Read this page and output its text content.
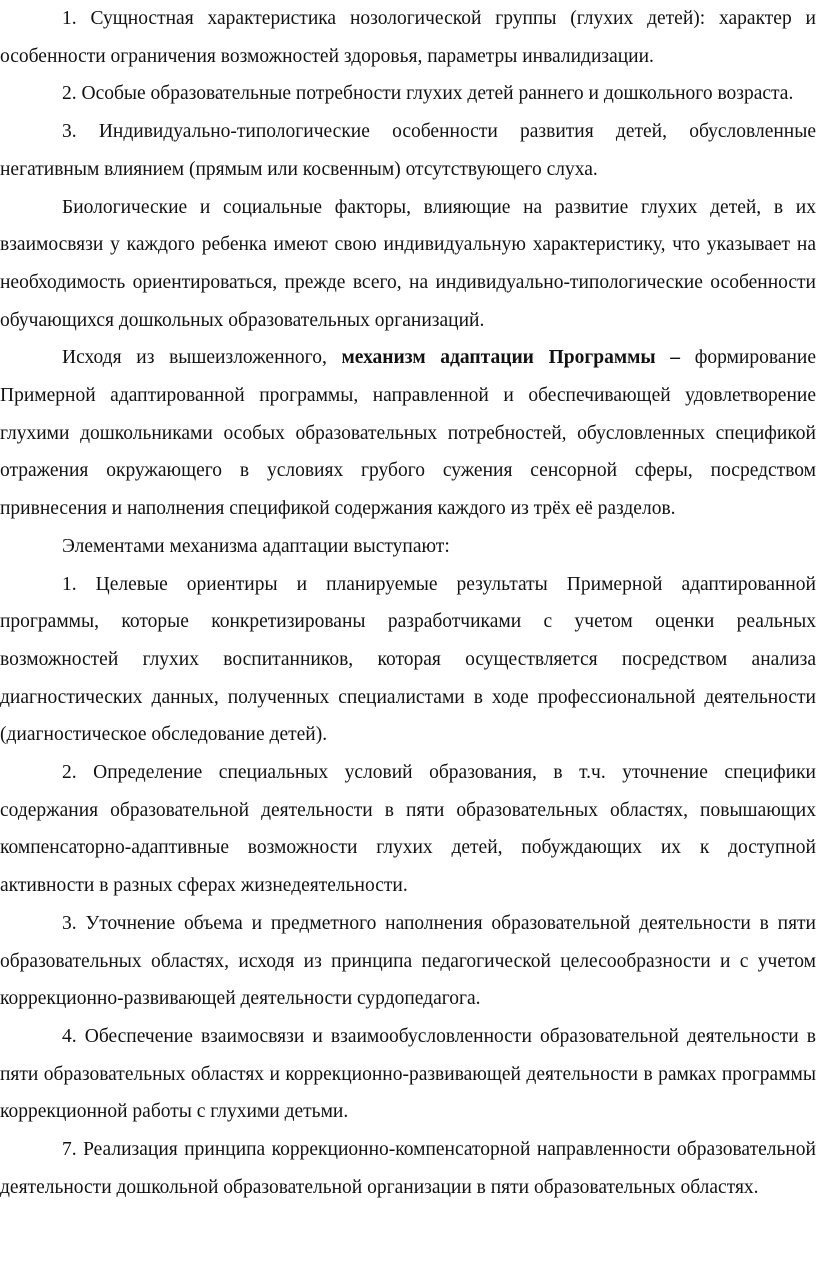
1. Сущностная характеристика нозологической группы (глухих детей): характер и особенности ограничения возможностей здоровья, параметры инвалидизации.

2. Особые образовательные потребности глухих детей раннего и дошкольного возраста.

3. Индивидуально-типологические особенности развития детей, обусловленные негативным влиянием (прямым или косвенным) отсутствующего слуха.

Биологические и социальные факторы, влияющие на развитие глухих детей, в их взаимосвязи у каждого ребенка имеют свою индивидуальную характеристику, что указывает на необходимость ориентироваться, прежде всего, на индивидуально-типологические особенности обучающихся дошкольных образовательных организаций.

Исходя из вышеизложенного, механизм адаптации Программы – формирование Примерной адаптированной программы, направленной и обеспечивающей удовлетворение глухими дошкольниками особых образовательных потребностей, обусловленных спецификой отражения окружающего в условиях грубого сужения сенсорной сферы, посредством привнесения и наполнения спецификой содержания каждого из трёх её разделов.

Элементами механизма адаптации выступают:

1. Целевые ориентиры и планируемые результаты Примерной адаптированной программы, которые конкретизированы разработчиками с учетом оценки реальных возможностей глухих воспитанников, которая осуществляется посредством анализа диагностических данных, полученных специалистами в ходе профессиональной деятельности (диагностическое обследование детей).

2. Определение специальных условий образования, в т.ч. уточнение специфики содержания образовательной деятельности в пяти образовательных областях, повышающих компенсаторно-адаптивные возможности глухих детей, побуждающих их к доступной активности в разных сферах жизнедеятельности.

3. Уточнение объема и предметного наполнения образовательной деятельности в пяти образовательных областях, исходя из принципа педагогической целесообразности и с учетом коррекционно-развивающей деятельности сурдопедагога.

4. Обеспечение взаимосвязи и взаимообусловленности образовательной деятельности в пяти образовательных областях и коррекционно-развивающей деятельности в рамках программы коррекционной работы с глухими детьми.

7. Реализация принципа коррекционно-компенсаторной направленности образовательной деятельности дошкольной образовательной организации в пяти образовательных областях.
